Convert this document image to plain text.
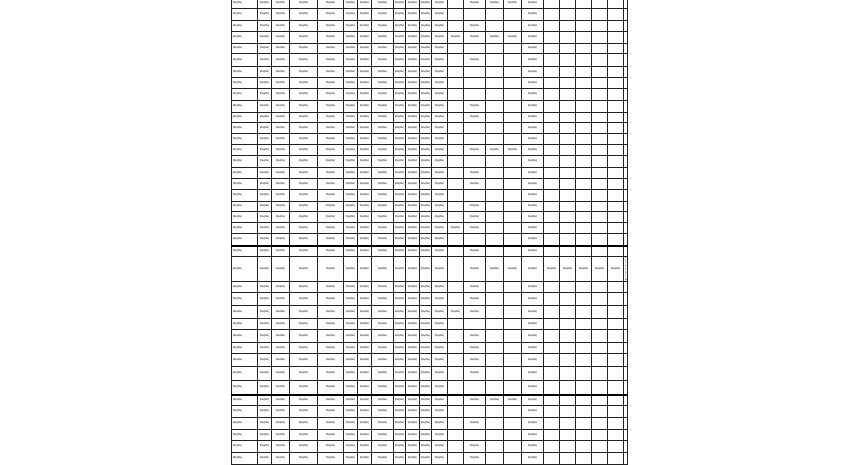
[illegible]	[illegible]	[illegible]	[illegible]	[illegible]	[illegible]	[illegible]	[illegible]	[illegible]	[illegible]	[illegible]	[illegible]		[illegible]	[illegible]	[illegible]	[illegible]						
[illegible]	[illegible]	[illegible]	[illegible]	[illegible]	[illegible]	[illegible]	[illegible]	[illegible]	[illegible]	[illegible]	[illegible]					[illegible]						
[illegible]	[illegible]	[illegible]	[illegible]	[illegible]	[illegible]	[illegible]	[illegible]	[illegible]	[illegible]	[illegible]	[illegible]		[illegible]			[illegible]						
[illegible]	[illegible]	[illegible]	[illegible]	[illegible]	[illegible]	[illegible]	[illegible]	[illegible]	[illegible]	[illegible]	[illegible]	[illegible]	[illegible]	[illegible]	[illegible]	[illegible]						
[illegible]	[illegible]	[illegible]	[illegible]	[illegible]	[illegible]	[illegible]	[illegible]	[illegible]	[illegible]	[illegible]	[illegible]					[illegible]						
[illegible]	[illegible]	[illegible]	[illegible]	[illegible]	[illegible]	[illegible]	[illegible]	[illegible]	[illegible]	[illegible]	[illegible]		[illegible]			[illegible]						
[illegible]	[illegible]	[illegible]	[illegible]	[illegible]	[illegible]	[illegible]	[illegible]	[illegible]	[illegible]	[illegible]	[illegible]					[illegible]						
[illegible]	[illegible]	[illegible]	[illegible]	[illegible]	[illegible]	[illegible]	[illegible]	[illegible]	[illegible]	[illegible]	[illegible]					[illegible]						
[illegible]	[illegible]	[illegible]	[illegible]	[illegible]	[illegible]	[illegible]	[illegible]	[illegible]	[illegible]	[illegible]	[illegible]					[illegible]						
[illegible]	[illegible]	[illegible]	[illegible]	[illegible]	[illegible]	[illegible]	[illegible]	[illegible]	[illegible]	[illegible]	[illegible]		[illegible]			[illegible]						
[illegible]	[illegible]	[illegible]	[illegible]	[illegible]	[illegible]	[illegible]	[illegible]	[illegible]	[illegible]	[illegible]	[illegible]		[illegible]			[illegible]						
[illegible]	[illegible]	[illegible]	[illegible]	[illegible]	[illegible]	[illegible]	[illegible]	[illegible]	[illegible]	[illegible]	[illegible]					[illegible]						
[illegible]	[illegible]	[illegible]	[illegible]	[illegible]	[illegible]	[illegible]	[illegible]	[illegible]	[illegible]	[illegible]	[illegible]					[illegible]						
[illegible]	[illegible]	[illegible]	[illegible]	[illegible]	[illegible]	[illegible]	[illegible]	[illegible]	[illegible]	[illegible]	[illegible]		[illegible]	[illegible]	[illegible]	[illegible]						
[illegible]	[illegible]	[illegible]	[illegible]	[illegible]	[illegible]	[illegible]	[illegible]	[illegible]	[illegible]	[illegible]	[illegible]					[illegible]						
[illegible]	[illegible]	[illegible]	[illegible]	[illegible]	[illegible]	[illegible]	[illegible]	[illegible]	[illegible]	[illegible]	[illegible]		[illegible]			[illegible]						
[illegible]	[illegible]	[illegible]	[illegible]	[illegible]	[illegible]	[illegible]	[illegible]	[illegible]	[illegible]	[illegible]	[illegible]		[illegible]			[illegible]						
[illegible]	[illegible]	[illegible]	[illegible]	[illegible]	[illegible]	[illegible]	[illegible]	[illegible]	[illegible]	[illegible]	[illegible]					[illegible]						
[illegible]	[illegible]	[illegible]	[illegible]	[illegible]	[illegible]	[illegible]	[illegible]	[illegible]	[illegible]	[illegible]	[illegible]		[illegible]			[illegible]						
[illegible]	[illegible]	[illegible]	[illegible]	[illegible]	[illegible]	[illegible]	[illegible]	[illegible]	[illegible]	[illegible]	[illegible]		[illegible]			[illegible]						
[illegible]	[illegible]	[illegible]	[illegible]	[illegible]	[illegible]	[illegible]	[illegible]	[illegible]	[illegible]	[illegible]	[illegible]	[illegible]	[illegible]			[illegible]						
[illegible]	[illegible]	[illegible]	[illegible]	[illegible]	[illegible]	[illegible]	[illegible]	[illegible]	[illegible]	[illegible]	[illegible]					[illegible]						
[illegible]	[illegible]	[illegible]	[illegible]	[illegible]	[illegible]	[illegible]	[illegible]	[illegible]	[illegible]	[illegible]	[illegible]		[illegible]			[illegible]						
[illegible]	[illegible]	[illegible]	[illegible]	[illegible]	[illegible]	[illegible]	[illegible]	[illegible]	[illegible]	[illegible]	[illegible]		[illegible]	[illegible]	[illegible]	[illegible]	[illegible]	[illegible]	[illegible]	[illegible]	[illegible]	[illegible]
[illegible]	[illegible]	[illegible]	[illegible]	[illegible]	[illegible]	[illegible]	[illegible]	[illegible]	[illegible]	[illegible]	[illegible]		[illegible]			[illegible]						
[illegible]	[illegible]	[illegible]	[illegible]	[illegible]	[illegible]	[illegible]	[illegible]	[illegible]	[illegible]	[illegible]	[illegible]		[illegible]			[illegible]						
[illegible]	[illegible]	[illegible]	[illegible]	[illegible]	[illegible]	[illegible]	[illegible]	[illegible]	[illegible]	[illegible]	[illegible]	[illegible]	[illegible]			[illegible]						
[illegible]	[illegible]	[illegible]	[illegible]	[illegible]	[illegible]	[illegible]	[illegible]	[illegible]	[illegible]	[illegible]	[illegible]					[illegible]						
[illegible]	[illegible]	[illegible]	[illegible]	[illegible]	[illegible]	[illegible]	[illegible]	[illegible]	[illegible]	[illegible]	[illegible]		[illegible]			[illegible]						
[illegible]	[illegible]	[illegible]	[illegible]	[illegible]	[illegible]	[illegible]	[illegible]	[illegible]	[illegible]	[illegible]	[illegible]		[illegible]			[illegible]						
[illegible]	[illegible]	[illegible]	[illegible]	[illegible]	[illegible]	[illegible]	[illegible]	[illegible]	[illegible]	[illegible]	[illegible]		[illegible]			[illegible]						
[illegible]	[illegible]	[illegible]	[illegible]	[illegible]	[illegible]	[illegible]	[illegible]	[illegible]	[illegible]	[illegible]	[illegible]		[illegible]			[illegible]						
[illegible]	[illegible]	[illegible]	[illegible]	[illegible]	[illegible]	[illegible]	[illegible]	[illegible]	[illegible]	[illegible]	[illegible]					[illegible]						
[illegible]	[illegible]	[illegible]	[illegible]	[illegible]	[illegible]	[illegible]	[illegible]	[illegible]	[illegible]	[illegible]	[illegible]		[illegible]	[illegible]	[illegible]	[illegible]						
[illegible]	[illegible]	[illegible]	[illegible]	[illegible]	[illegible]	[illegible]	[illegible]	[illegible]	[illegible]	[illegible]	[illegible]					[illegible]						
[illegible]	[illegible]	[illegible]	[illegible]	[illegible]	[illegible]	[illegible]	[illegible]	[illegible]	[illegible]	[illegible]	[illegible]		[illegible]			[illegible]						
[illegible]	[illegible]	[illegible]	[illegible]	[illegible]	[illegible]	[illegible]	[illegible]	[illegible]	[illegible]	[illegible]	[illegible]					[illegible]						
[illegible]	[illegible]	[illegible]	[illegible]	[illegible]	[illegible]	[illegible]	[illegible]	[illegible]	[illegible]	[illegible]	[illegible]		[illegible]			[illegible]						
[illegible]	[illegible]	[illegible]	[illegible]	[illegible]	[illegible]	[illegible]	[illegible]	[illegible]	[illegible]	[illegible]	[illegible]		[illegible]			[illegible]						
